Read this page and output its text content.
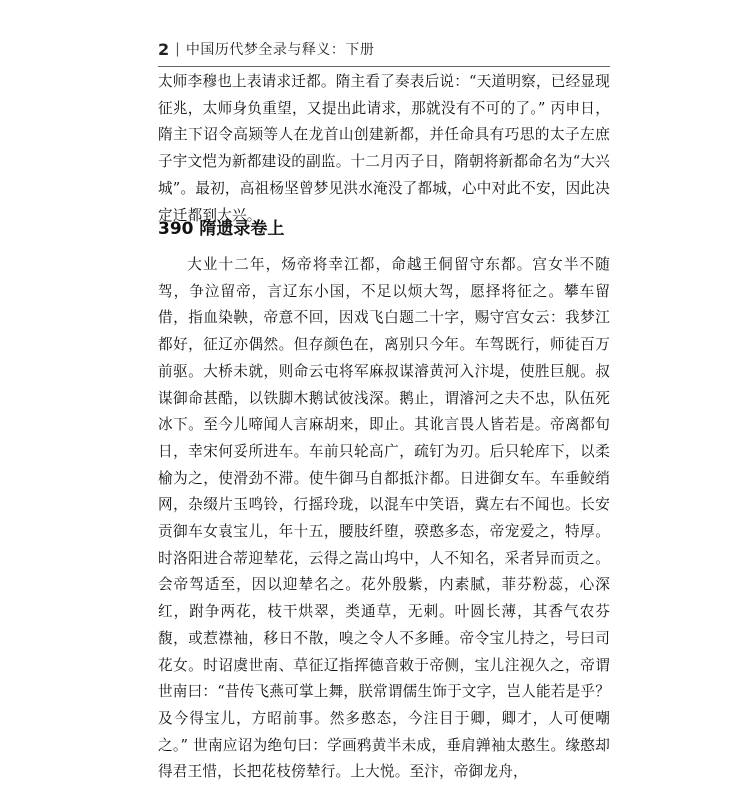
2 | 中国历代梦全录与释义：下册

太师李穆也上表请求迁都。隋主看了奏表后说：“天道明察，已经显现征兆，太师身负重望，又提出此请求，那就没有不可的了。” 丙申日，隋主下诏令高颎等人在龙首山创建新都，并任命具有巧思的太子左庶子宇文恺为新都建设的副监。十二月丙子日，隋朝将新都命名为“大兴城”。最初，高祖杨坚曾梦见洪水淹没了都城，心中对此不安，因此决定迁都到大兴。

390 隋遗录卷上

大业十二年，炀帝将幸江都，命越王侗留守东都。宫女半不随驾，争泣留帝，言辽东小国，不足以烦大驾，愿择将征之。攀车留借，指血染鞅，帝意不回，因戏飞白题二十字，赐守宫女云：我梦江都好，征辽亦偶然。但存颜色在，离别只今年。车驾既行，师徒百万前驱。大桥未就，则命云屯将军麻叔谋濬黄河入汴堤，使胜巨舰。叔谋御命甚酷，以铁脚木鹅试彼浅深。鹅止，谓濬河之夫不忠，队伍死冰下。至今儿啼闻人言麻胡来，即止。其讹言畏人皆若是。帝离都旬日，幸宋何妥所进车。车前只轮高广，疏钉为刃。后只轮库下，以柔榆为之，使滑劲不滞。使牛御马自都抵汴都。日进御女车。车垂鲛绡网，杂缀片玉鸣铃，行摇玲珑，以混车中笑语，冀左右不闻也。长安贡御车女袁宝儿，年十五，腰肢纤堕，骙憨多态，帝宠爱之，特厚。时洛阳进合蒂迎辇花，云得之嵩山坞中，人不知名，采者异而贡之。会帝驾适至，因以迎辇名之。花外殷紫，内素腻，菲芬粉蕊，心深红，跗争两花，枝干烘翠，类通草，无刺。叶圆长薄，其香气农芬馥，或惹襟袖，移日不散，嗅之令人不多睡。帝令宝儿持之，号曰司花女。时诏虞世南、草征辽指挥德音敕于帝侧，宝儿注视久之，帝谓世南曰：“昔传飞燕可掌上舞，朕常谓儒生饰于文字，岂人能若是乎？及今得宝儿，方昭前事。然多憨态，今注目于卿，卿才，人可便嘲之。” 世南应诏为绝句曰：学画鸦黄半未成，垂肩亸袖太憨生。缘憨却得君王惜，长把花枝傍辇行。上大悦。至汴，帝御龙舟，
